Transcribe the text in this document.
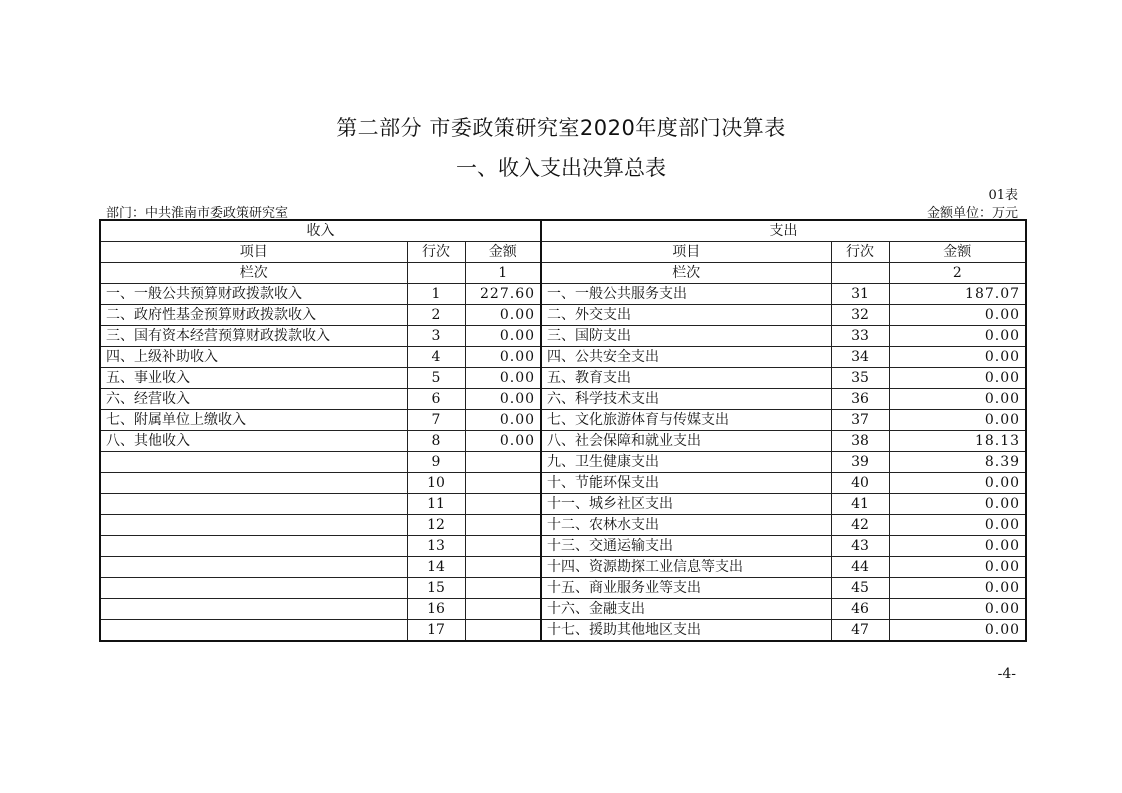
第二部分 市委政策研究室2020年度部门决算表
一、收入支出决算总表
01表
部门：中共淮南市委政策研究室	金额单位：万元
收入			支出		
项目	行次	金额	项目	行次	金额
栏次		1	栏次		2
一、一般公共预算财政拨款收入	1	227.60	一、一般公共服务支出	31	187.07
二、政府性基金预算财政拨款收入	2	0.00	二、外交支出	32	0.00
三、国有资本经营预算财政拨款收入	3	0.00	三、国防支出	33	0.00
四、上级补助收入	4	0.00	四、公共安全支出	34	0.00
五、事业收入	5	0.00	五、教育支出	35	0.00
六、经营收入	6	0.00	六、科学技术支出	36	0.00
七、附属单位上缴收入	7	0.00	七、文化旅游体育与传媒支出	37	0.00
八、其他收入	8	0.00	八、社会保障和就业支出	38	18.13
	9		九、卫生健康支出	39	8.39
	10		十、节能环保支出	40	0.00
	11		十一、城乡社区支出	41	0.00
	12		十二、农林水支出	42	0.00
	13		十三、交通运输支出	43	0.00
	14		十四、资源勘探工业信息等支出	44	0.00
	15		十五、商业服务业等支出	45	0.00
	16		十六、金融支出	46	0.00
	17		十七、援助其他地区支出	47	0.00
-4-
